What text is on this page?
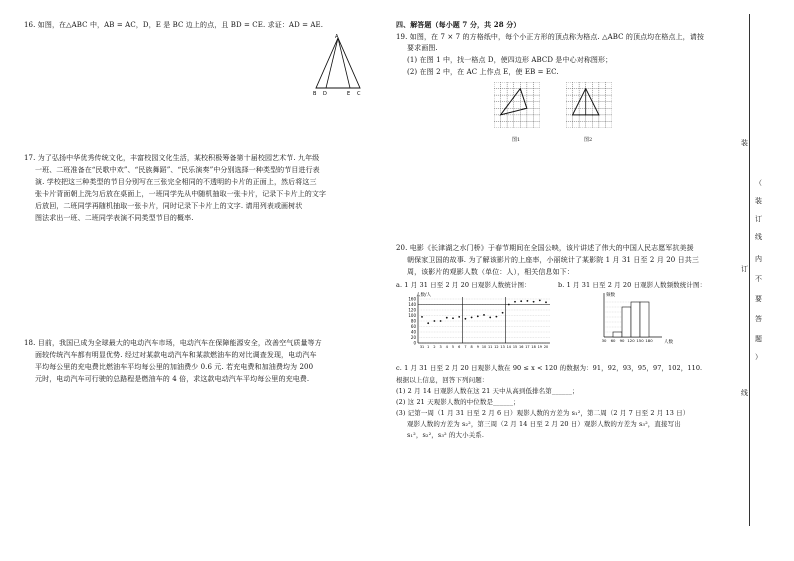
16. 如图，在△ABC 中，AB = AC，D，E 是 BC 边上的点，且 BD = CE. 求证：AD = AE.
A
B D	E C
17. 为了弘扬中华优秀传统文化，丰富校园文化生活，某校积极筹备第十届校园艺术节. 九年级
一班、二班准备在“民歌中欢”、“民族舞蹈”、“民乐演奏”中分别选择一种类型的节目进行表
演. 学校把这三种类型的节目分别写在三张完全相同的不透明的卡片的正面上，然后将这三
张卡片背面朝上洗匀后放在桌面上，一班同学先从中随机抽取一张卡片，记录下卡片上的文字
后放回，二班同学再随机抽取一张卡片，同时记录下卡片上的文字. 请用列表或画树状
图法求出一班、二班同学表演不同类型节目的概率.
18. 目前，我国已成为全球最大的电动汽车市场，电动汽车在保障能源安全，改善空气质量等方
面较传统汽车都有明显优势. 经过对某款电动汽车和某款燃油车的对比调查发现，电动汽车
平均每公里的充电费比燃油车平均每公里的加油费少 0.6 元. 若充电费和加油费均为 200
元时，电动汽车可行驶的总路程是燃油车的 4 倍，求这款电动汽车平均每公里的充电费.
四、解答题（每小题 7 分，共 28 分）
19. 如图，在 7 × 7 的方格纸中，每个小正方形的顶点称为格点. △ABC 的顶点均在格点上，请按
要求画图.
(1) 在图 1 中，找一格点 D，使四边形 ABCD 是中心对称图形；
(2) 在图 2 中，在 AC 上作点 E，使 EB = EC.
图1	图2
20. 电影《长津湖之水门桥》于春节期间在全国公映，该片讲述了伟大的中国人民志愿军抗美援
朝保家卫国的故事. 为了解该影片的上座率，小丽统计了某影院 1 月 31 日至 2 月 20 日共三
周，该影片的观影人数（单位：人），相关信息如下：
a. 1 月 31 日至 2 月 20 日观影人数统计图：	b. 1 月 31 日至 2 月 20 日观影人数频数统计图：
人数/人
0
20
40
60
80
100
120
140
160
31 1 2 3 4 5 6 7 8 9 10 11 12 13 14 15 16 17 18 19 20
频数
人数
30 60 90 120 150 180
c. 1 月 31 日至 2 月 20 日观影人数在 90 ≤ x < 120 的数据为：91，92，93，95，97，102，110.
根据以上信息，回答下列问题：
(1) 2 月 14 日观影人数在这 21 天中从高到低排名第______；
(2) 这 21 天观影人数的中位数是______；
(3) 记第一周（1 月 31 日至 2 月 6 日）观影人数的方差为 s₁²，第二周（2 月 7 日至 2 月 13 日）
观影人数的方差为 s₂²，第三周（2 月 14 日至 2 月 20 日）观影人数的方差为 s₃²，直接写出
s₁²，s₂²，s₃² 的大小关系.
装
（
装
订
线
内
不
要
答
题
）
订
线
